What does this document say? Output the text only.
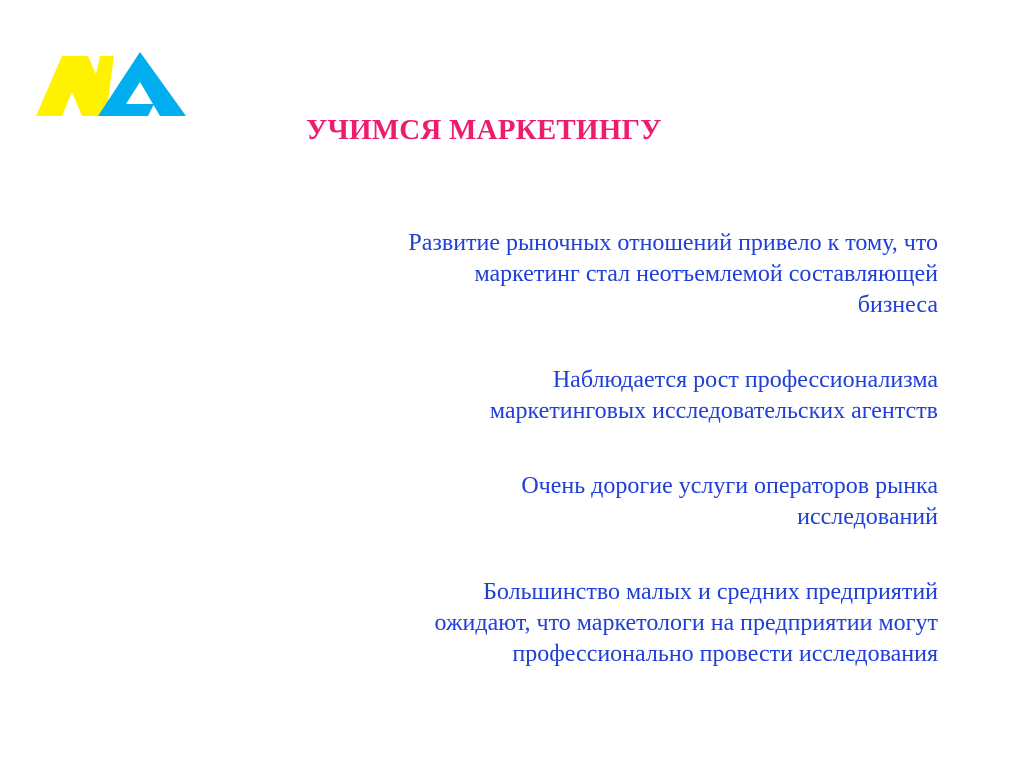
УЧИМСЯ МАРКЕТИНГУ

Развитие рыночных отношений привело к тому, что
маркетинг стал неотъемлемой составляющей
бизнеса

Наблюдается рост профессионализма
маркетинговых исследовательских агентств

Очень дорогие услуги операторов рынка
исследований

Большинство малых и средних предприятий
ожидают, что маркетологи на предприятии могут
профессионально провести исследования
